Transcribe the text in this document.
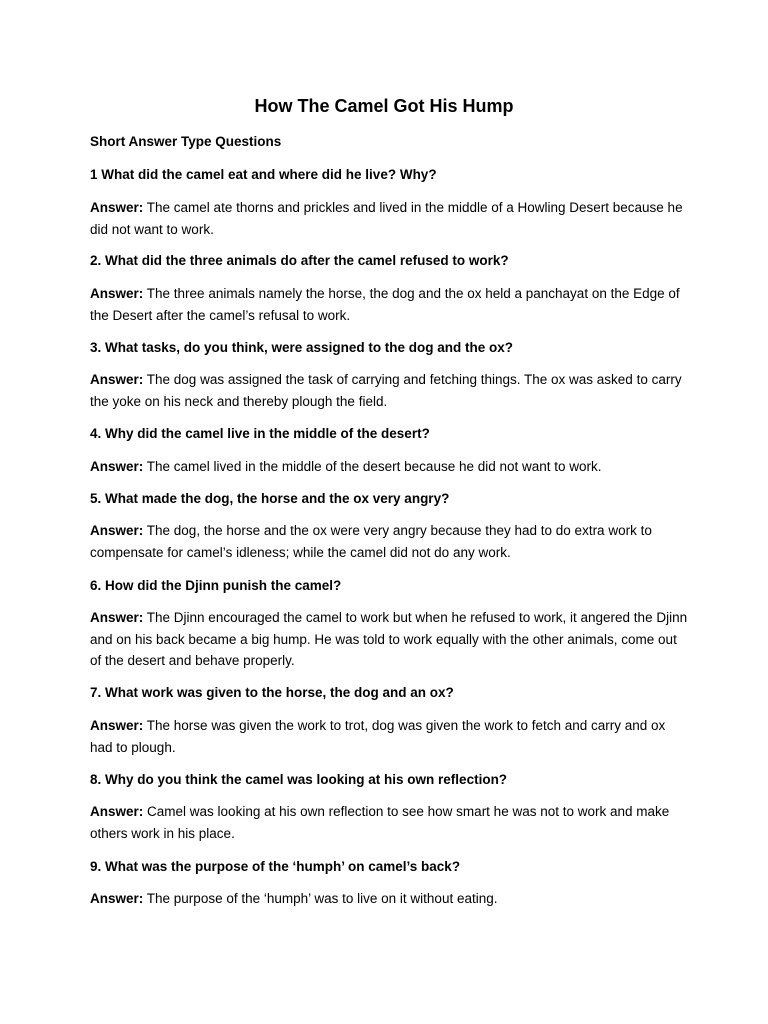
How The Camel Got His Hump
Short Answer Type Questions
1 What did the camel eat and where did he live? Why?
Answer: The camel ate thorns and prickles and lived in the middle of a Howling Desert because he did not want to work.
2. What did the three animals do after the camel refused to work?
Answer: The three animals namely the horse, the dog and the ox held a panchayat on the Edge of the Desert after the camel’s refusal to work.
3. What tasks, do you think, were assigned to the dog and the ox?
Answer: The dog was assigned the task of carrying and fetching things. The ox was asked to carry the yoke on his neck and thereby plough the field.
4. Why did the camel live in the middle of the desert?
Answer: The camel lived in the middle of the desert because he did not want to work.
5. What made the dog, the horse and the ox very angry?
Answer: The dog, the horse and the ox were very angry because they had to do extra work to compensate for camel’s idleness; while the camel did not do any work.
6. How did the Djinn punish the camel?
Answer: The Djinn encouraged the camel to work but when he refused to work, it angered the Djinn and on his back became a big hump. He was told to work equally with the other animals, come out of the desert and behave properly.
7. What work was given to the horse, the dog and an ox?
Answer: The horse was given the work to trot, dog was given the work to fetch and carry and ox had to plough.
8. Why do you think the camel was looking at his own reflection?
Answer: Camel was looking at his own reflection to see how smart he was not to work and make others work in his place.
9. What was the purpose of the ‘humph’ on camel’s back?
Answer: The purpose of the ‘humph’ was to live on it without eating.
